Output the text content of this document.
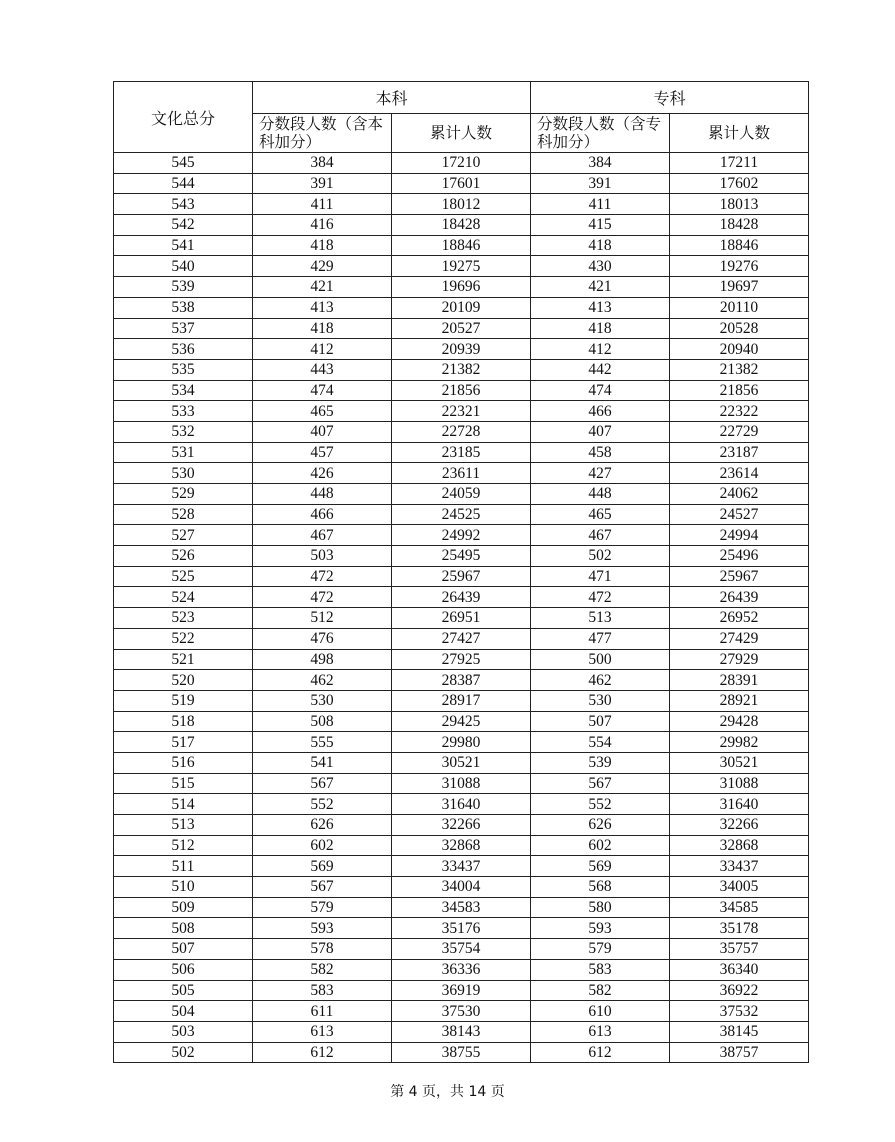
文化总分	本科		专科	
	分数段人数（含本科加分）	累计人数	分数段人数（含专科加分）	累计人数
545	384	17210	384	17211
544	391	17601	391	17602
543	411	18012	411	18013
542	416	18428	415	18428
541	418	18846	418	18846
540	429	19275	430	19276
539	421	19696	421	19697
538	413	20109	413	20110
537	418	20527	418	20528
536	412	20939	412	20940
535	443	21382	442	21382
534	474	21856	474	21856
533	465	22321	466	22322
532	407	22728	407	22729
531	457	23185	458	23187
530	426	23611	427	23614
529	448	24059	448	24062
528	466	24525	465	24527
527	467	24992	467	24994
526	503	25495	502	25496
525	472	25967	471	25967
524	472	26439	472	26439
523	512	26951	513	26952
522	476	27427	477	27429
521	498	27925	500	27929
520	462	28387	462	28391
519	530	28917	530	28921
518	508	29425	507	29428
517	555	29980	554	29982
516	541	30521	539	30521
515	567	31088	567	31088
514	552	31640	552	31640
513	626	32266	626	32266
512	602	32868	602	32868
511	569	33437	569	33437
510	567	34004	568	34005
509	579	34583	580	34585
508	593	35176	593	35178
507	578	35754	579	35757
506	582	36336	583	36340
505	583	36919	582	36922
504	611	37530	610	37532
503	613	38143	613	38145
502	612	38755	612	38757
第 4 页，共 14 页
